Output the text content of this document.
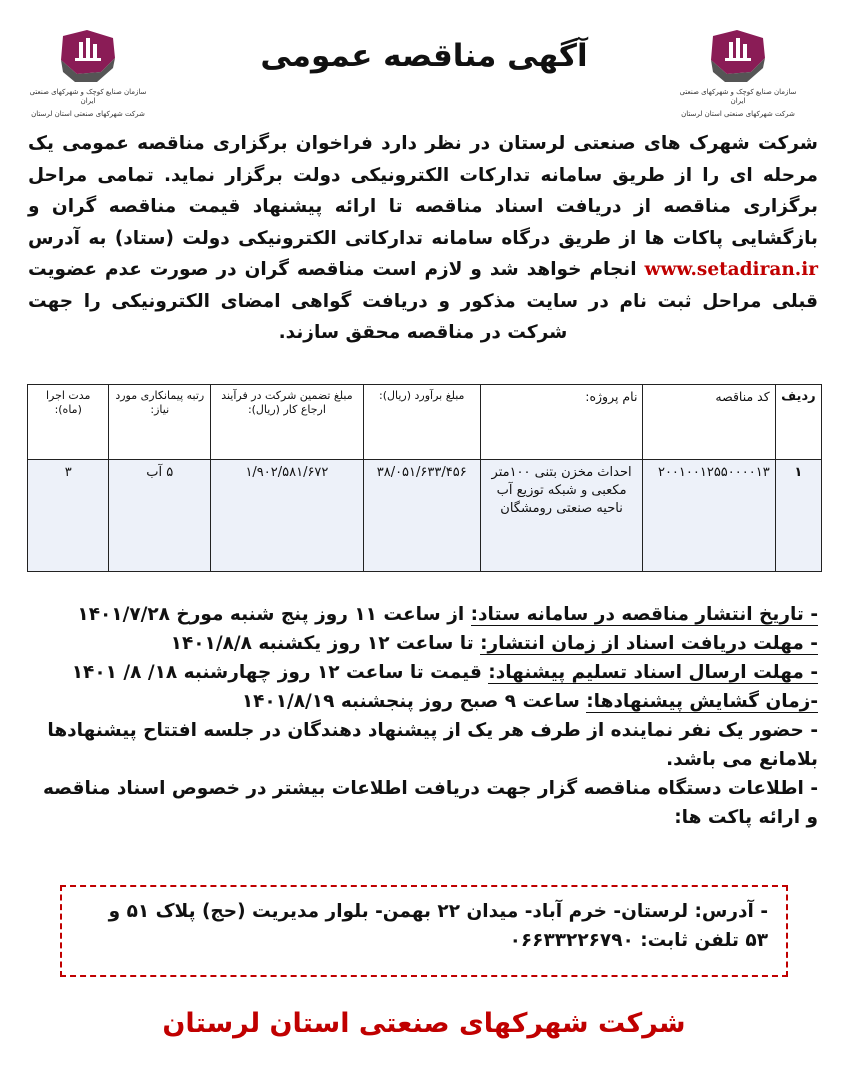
سازمان صنایع کوچک و شهرکهای صنعتی ایران
شرکت شهرکهای صنعتی استان لرستان
آگهی مناقصه عمومی
سازمان صنایع کوچک و شهرکهای صنعتی ایران
شرکت شهرکهای صنعتی استان لرستان
شرکت شهرک های صنعتی لرستان در نظر دارد فراخوان برگزاری مناقصه عمومی یک مرحله ای را از طریق سامانه تدارکات الکترونیکی دولت برگزار نماید. تمامی مراحل برگزاری مناقصه از دریافت اسناد مناقصه تا ارائه پیشنهاد قیمت مناقصه گران و بازگشایی پاکات ها از طریق درگاه سامانه تدارکاتی الکترونیکی دولت (ستاد) به آدرس www.setadiran.ir انجام خواهد شد و لازم است مناقصه گران در صورت عدم عضویت قبلی مراحل ثبت نام در سایت مذکور و دریافت گواهی امضای الکترونیکی را جهت شرکت در مناقصه محقق سازند.
ردیف	کد مناقصه	نام پروژه:	مبلغ برآورد (ریال):	مبلغ تضمین شرکت در فرآیند ارجاع کار (ریال):	رتبه پیمانکاری مورد نیاز:	مدت اجرا (ماه):
۱	۲۰۰۱۰۰۱۲۵۵۰۰۰۰۱۳	احداث مخزن بتنی ۱۰۰متر مکعبی و شبکه توزیع آب ناحیه صنعتی رومشگان	۳۸/۰۵۱/۶۳۳/۴۵۶	۱/۹۰۲/۵۸۱/۶۷۲	۵ آب	۳
- تاریخ انتشار مناقصه در سامانه ستاد: از ساعت ۱۱ روز پنج شنبه مورخ ۱۴۰۱/۷/۲۸
- مهلت دریافت اسناد از زمان انتشار: تا ساعت ۱۲ روز یکشنبه ۱۴۰۱/۸/۸
- مهلت ارسال اسناد تسلیم پیشنهاد: قیمت تا ساعت ۱۲ روز چهارشنبه ۱۸/ ۸/ ۱۴۰۱
-زمان گشایش پیشنهادها: ساعت ۹ صبح روز پنجشنبه ۱۴۰۱/۸/۱۹
- حضور یک نفر نماینده از طرف هر یک از پیشنهاد دهندگان در جلسه افتتاح پیشنهادها بلامانع می باشد.
- اطلاعات دستگاه مناقصه گزار جهت دریافت اطلاعات بیشتر در خصوص اسناد مناقصه و ارائه پاکت ها:
- آدرس: لرستان- خرم آباد- میدان ۲۲ بهمن- بلوار مدیریت (حج) پلاک ۵۱ و
۵۳ تلفن ثابت: ۰۶۶۳۳۲۲۶۷۹۰
شرکت شهرکهای صنعتی استان لرستان
